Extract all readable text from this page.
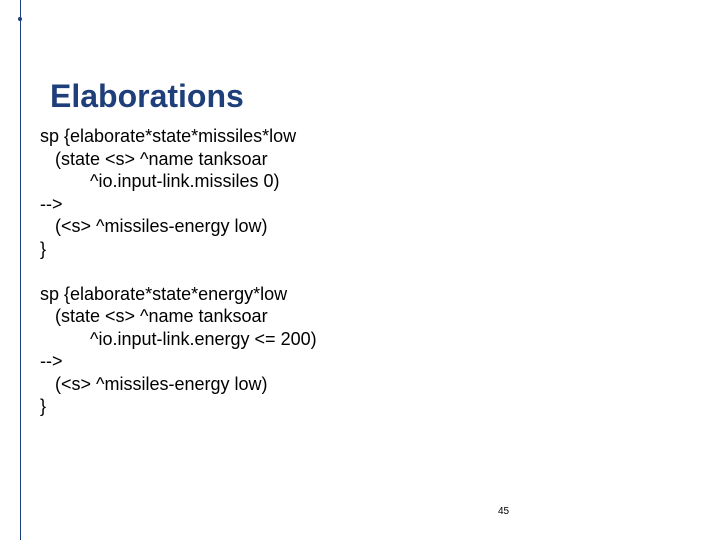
Elaborations
sp {elaborate*state*missiles*low
(state <s> ^name tanksoar
^io.input-link.missiles 0)
-->
(<s> ^missiles-energy low)
}
sp {elaborate*state*energy*low
(state <s> ^name tanksoar
^io.input-link.energy <= 200)
-->
(<s> ^missiles-energy low)
}
45
